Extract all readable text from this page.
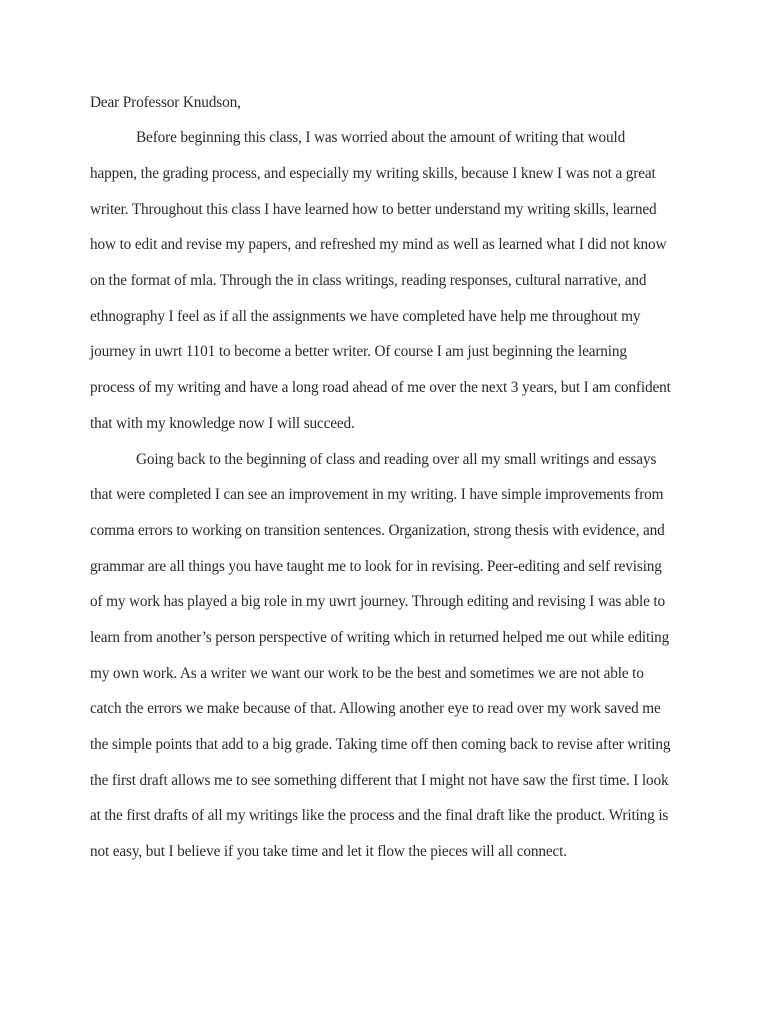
Dear Professor Knudson,
Before beginning this class, I was worried about the amount of writing that would
happen, the grading process, and especially my writing skills, because I knew I was not a great
writer. Throughout this class I have learned how to better understand my writing skills, learned
how to edit and revise my papers, and refreshed my mind as well as learned what I did not know
on the format of mla. Through the in class writings, reading responses, cultural narrative, and
ethnography I feel as if all the assignments we have completed have help me throughout my
journey in uwrt 1101 to become a better writer. Of course I am just beginning the learning
process of my writing and have a long road ahead of me over the next 3 years, but I am confident
that with my knowledge now I will succeed.
Going back to the beginning of class and reading over all my small writings and essays
that were completed I can see an improvement in my writing. I have simple improvements from
comma errors to working on transition sentences. Organization, strong thesis with evidence, and
grammar are all things you have taught me to look for in revising. Peer-editing and self revising
of my work has played a big role in my uwrt journey. Through editing and revising I was able to
learn from another’s person perspective of writing which in returned helped me out while editing
my own work. As a writer we want our work to be the best and sometimes we are not able to
catch the errors we make because of that. Allowing another eye to read over my work saved me
the simple points that add to a big grade. Taking time off then coming back to revise after writing
the first draft allows me to see something different that I might not have saw the first time. I look
at the first drafts of all my writings like the process and the final draft like the product. Writing is
not easy, but I believe if you take time and let it flow the pieces will all connect.
